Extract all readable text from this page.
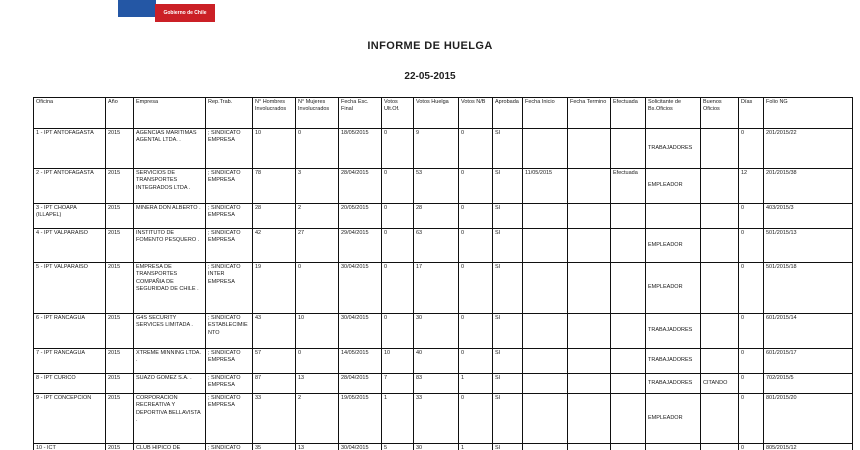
Gobierno de Chile
INFORME DE HUELGA
22-05-2015
Oficina	Año	Empresa	Rep.Trab.	N° Hombres Involucrados	N° Mujeres Involucrados	Fecha Esc. Final	Votos Ult.Of.	Votos Huelga	Votos N/B	Aprobada	Fecha Inicio	Fecha Termino	Efectuada	Solicitante de Bs.Oficios	Buenos Oficios	Días	Folio NG
1 - IPT ANTOFAGASTA	2015	AGENCIAS MARITIMAS AGENTAL LTDA. .	; SINDICATO EMPRESA	10	0	18/05/2015	0	9	0	SI				TRABAJADORES		0	201/2015/22
2 - IPT ANTOFAGASTA	2015	SERVICIOS DE TRANSPORTES INTEGRADOS LTDA .	; SINDICATO EMPRESA	78	3	28/04/2015	0	53	0	SI	11/05/2015		Efectuada	EMPLEADOR		12	201/2015/38
3 - IPT CHOAPA (ILLAPEL)	2015	MINERA DON ALBERTO .	; SINDICATO EMPRESA	28	2	20/05/2015	0	28	0	SI						0	403/2015/3
4 - IPT VALPARAISO	2015	INSTITUTO DE FOMENTO PESQUERO .	; SINDICATO EMPRESA	42	27	29/04/2015	0	63	0	SI				EMPLEADOR		0	501/2015/13
5 - IPT VALPARAISO	2015	EMPRESA DE TRANSPORTES COMPAÑIA DE SEGURIDAD DE CHILE .	; SINDICATO INTER EMPRESA	19	0	30/04/2015	0	17	0	SI				EMPLEADOR		0	501/2015/18
6 - IPT RANCAGUA	2015	G4S SECURITY SERVICES LIMITADA .	; SINDICATO ESTABLECIMIENTO	43	10	30/04/2015	0	30	0	SI				TRABAJADORES		0	601/2015/14
7 - IPT RANCAGUA	2015	XTREME MINNING LTDA. .	; SINDICATO EMPRESA	57	0	14/05/2015	10	40	0	SI				TRABAJADORES		0	601/2015/17
8 - IPT CURICO	2015	SUAZO GOMEZ S.A. .	; SINDICATO EMPRESA	87	13	28/04/2015	7	83	1	SI				TRABAJADORES	CITANDO	0	702/2015/5
9 - IPT CONCEPCION	2015	CORPORACION RECREATIVA Y DEPORTIVA BELLAVISTA .	; SINDICATO EMPRESA	33	2	19/05/2015	1	33	0	SI				EMPLEADOR		0	801/2015/20
10 - ICT	2015	CLUB HIPICO DE	; SINDICATO	35	13	30/04/2015	5	30	1	SI						0	805/2015/12
